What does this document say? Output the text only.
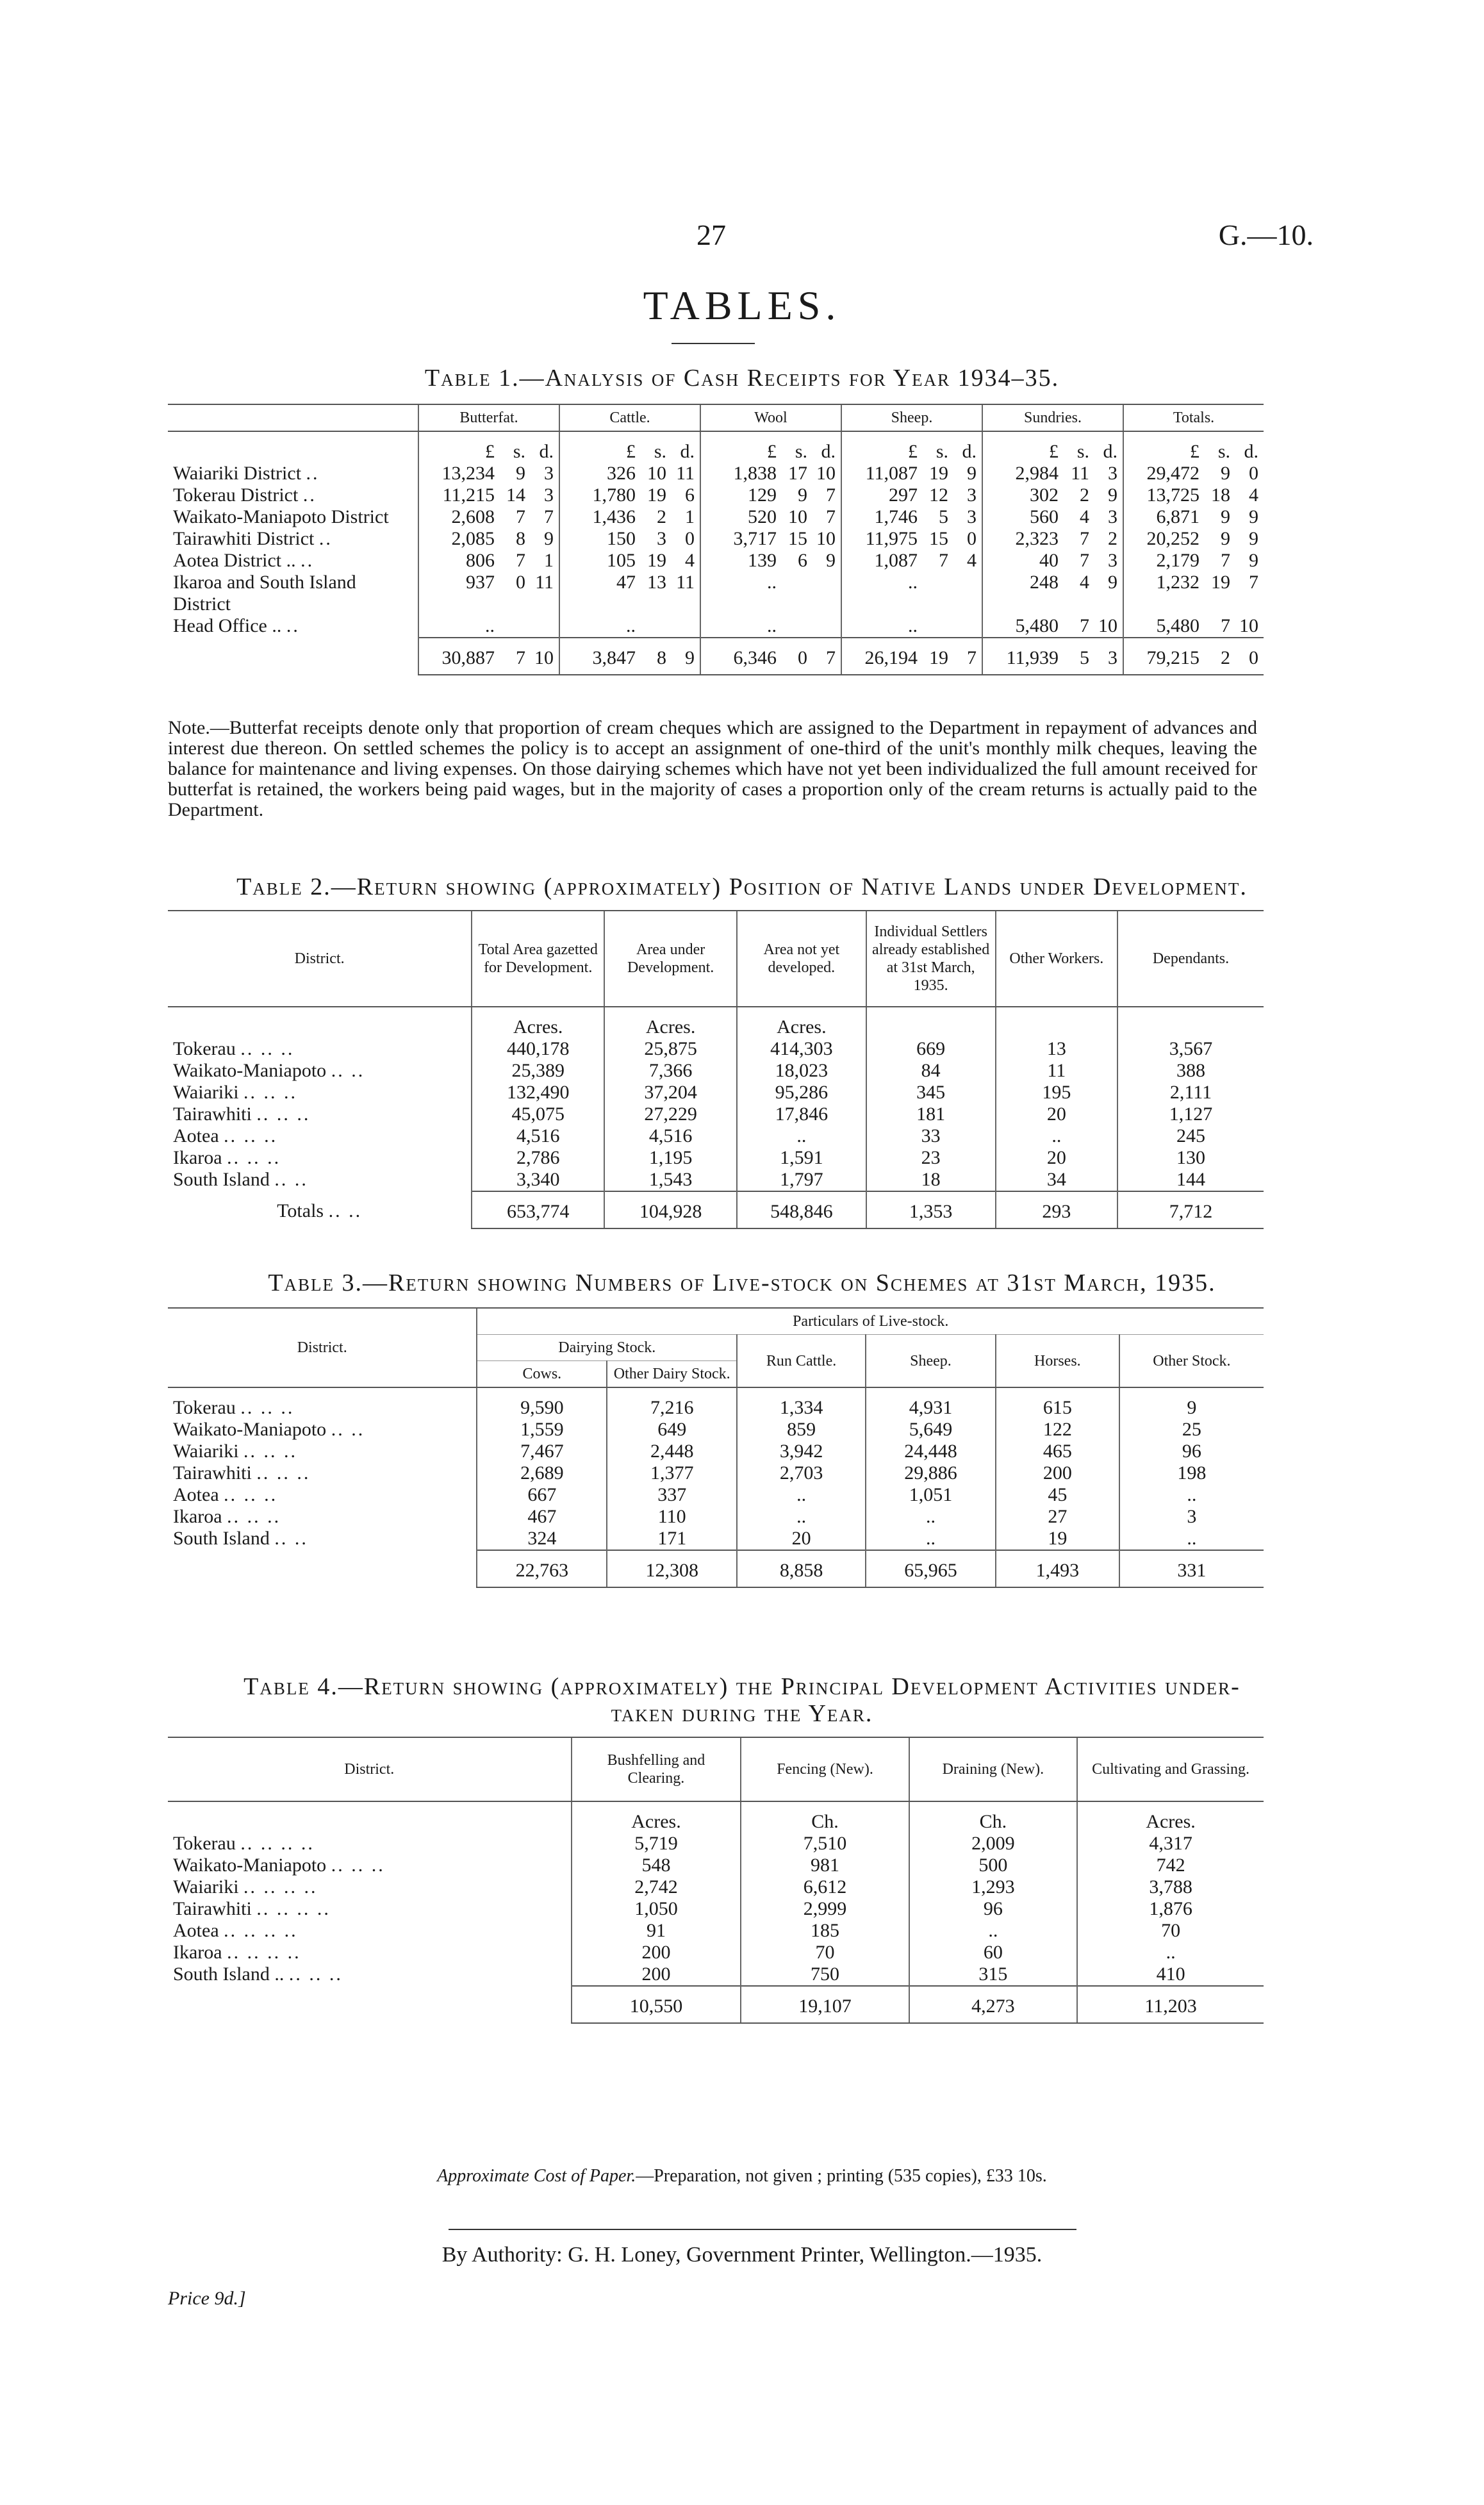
27	G.—10.
TABLES.
Table 1.—Analysis of Cash Receipts for Year 1934–35.
	Butterfat.	Cattle.	Wool	Sheep.	Sundries.	Totals.
	£ s. d.	£ s. d.	£ s. d.	£ s. d.	£ s. d.	£ s. d.
Waiariki District ..	13,234 9 3	326 10 11	1,838 17 10	11,087 19 9	2,984 11 3	29,472 9 0
Tokerau District ..	11,215 14 3	1,780 19 6	129 9 7	297 12 3	302 2 9	13,725 18 4
Waikato-Maniapoto District	2,608 7 7	1,436 2 1	520 10 7	1,746 5 3	560 4 3	6,871 9 9
Tairawhiti District ..	2,085 8 9	150 3 0	3,717 15 10	11,975 15 0	2,323 7 2	20,252 9 9
Aotea District .. ..	806 7 1	105 19 4	139 6 9	1,087 7 4	40 7 3	2,179 7 9
Ikaroa and South Island District	937 0 11	47 13 11	..	..	248 4 9	1,232 19 7
Head Office .. ..	..	..	..	..	5,480 7 10	5,480 7 10
	30,887 7 10	3,847 8 9	6,346 0 7	26,194 19 7	11,939 5 3	79,215 2 0
Note.—Butterfat receipts denote only that proportion of cream cheques which are assigned to the Department in repayment of advances and interest due thereon. On settled schemes the policy is to accept an assignment of one-third of the unit's monthly milk cheques, leaving the balance for maintenance and living expenses. On those dairying schemes which have not yet been individualized the full amount received for butterfat is retained, the workers being paid wages, but in the majority of cases a proportion only of the cream returns is actually paid to the Department.
Table 2.—Return showing (approximately) Position of Native Lands under Development.
District.	Total Area gazetted for Development.	Area under Development.	Area not yet developed.	Individual Settlers already established at 31st March, 1935.	Other Workers.	Dependants.
	Acres.	Acres.	Acres.			
Tokerau .. .. ..	440,178	25,875	414,303	669	13	3,567
Waikato-Maniapoto .. ..	25,389	7,366	18,023	84	11	388
Waiariki .. .. ..	132,490	37,204	95,286	345	195	2,111
Tairawhiti .. .. ..	45,075	27,229	17,846	181	20	1,127
Aotea .. .. ..	4,516	4,516	..	33	..	245
Ikaroa .. .. ..	2,786	1,195	1,591	23	20	130
South Island .. ..	3,340	1,543	1,797	18	34	144
Totals .. ..	653,774	104,928	548,846	1,353	293	7,712
Table 3.—Return showing Numbers of Live-stock on Schemes at 31st March, 1935.
District.	Particulars of Live-stock.					
	Dairying Stock.		Run Cattle.	Sheep.	Horses.	Other Stock.
	Cows.	Other Dairy Stock.				
Tokerau .. .. ..	9,590	7,216	1,334	4,931	615	9
Waikato-Maniapoto .. ..	1,559	649	859	5,649	122	25
Waiariki .. .. ..	7,467	2,448	3,942	24,448	465	96
Tairawhiti .. .. ..	2,689	1,377	2,703	29,886	200	198
Aotea .. .. ..	667	337	..	1,051	45	..
Ikaroa .. .. ..	467	110	..	..	27	3
South Island .. ..	324	171	20	..	19	..
	22,763	12,308	8,858	65,965	1,493	331
Table 4.—Return showing (approximately) the Principal Development Activities under-
taken during the Year.
District.	Bushfelling and Clearing.	Fencing (New).	Draining (New).	Cultivating and Grassing.
	Acres.	Ch.	Ch.	Acres.
Tokerau .. .. .. ..	5,719	7,510	2,009	4,317
Waikato-Maniapoto .. .. ..	548	981	500	742
Waiariki .. .. .. ..	2,742	6,612	1,293	3,788
Tairawhiti .. .. .. ..	1,050	2,999	96	1,876
Aotea .. .. .. ..	91	185	..	70
Ikaroa .. .. .. ..	200	70	60	..
South Island .. .. .. ..	200	750	315	410
	10,550	19,107	4,273	11,203
Approximate Cost of Paper.—Preparation, not given ; printing (535 copies), £33 10s.
By Authority: G. H. Loney, Government Printer, Wellington.—1935.
Price 9d.]
